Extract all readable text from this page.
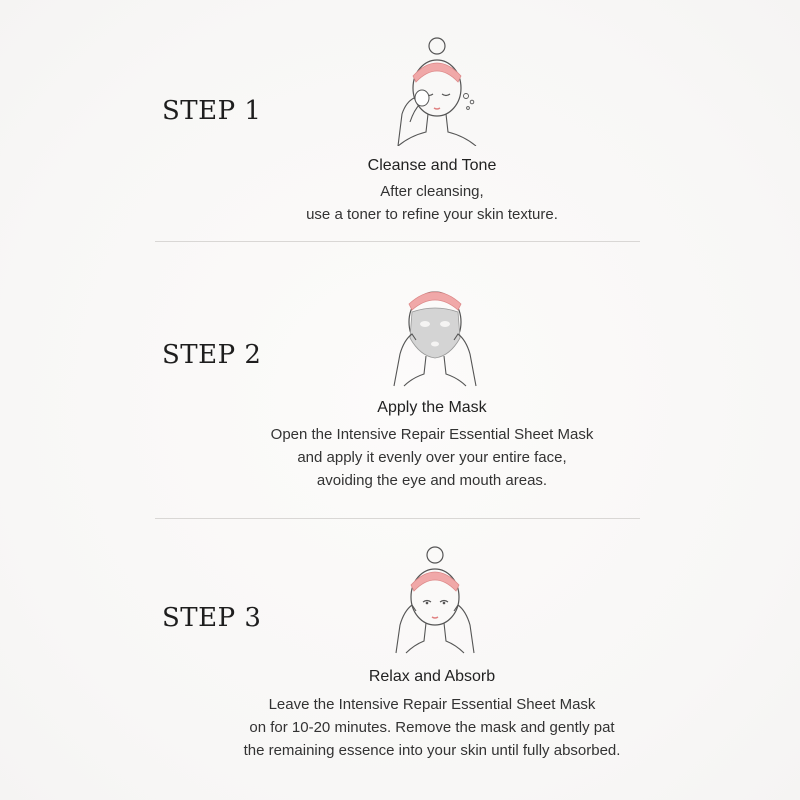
STEP 1
Cleanse and Tone
After cleansing,
use a toner to refine your skin texture.
STEP 2
Apply the Mask
Open the Intensive Repair Essential Sheet Mask
and apply it evenly over your entire face,
avoiding the eye and mouth areas.
STEP 3
Relax and Absorb
Leave the Intensive Repair Essential Sheet Mask
on for 10-20 minutes. Remove the mask and gently pat
the remaining essence into your skin until fully absorbed.
